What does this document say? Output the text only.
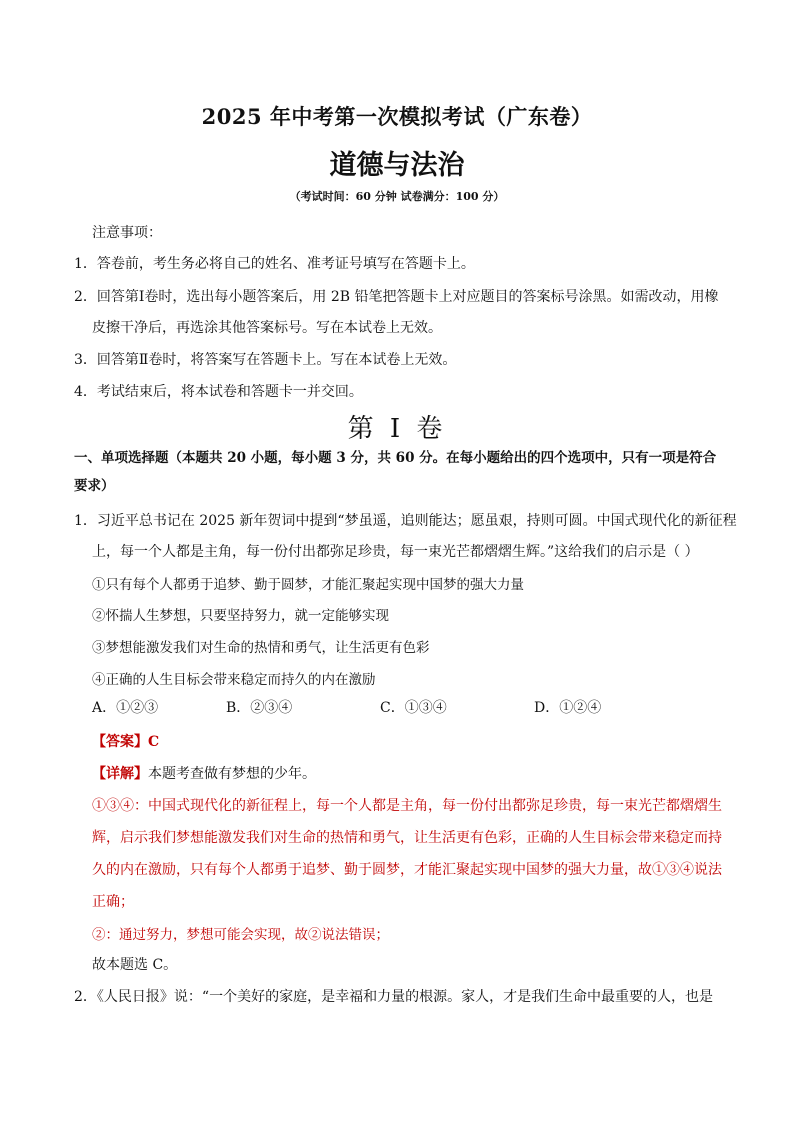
2025 年中考第一次模拟考试（广东卷）
道德与法治
（考试时间：60 分钟 试卷满分：100 分）
注意事项：
1．答卷前，考生务必将自己的姓名、准考证号填写在答题卡上。
2．回答第Ⅰ卷时，选出每小题答案后，用 2B 铅笔把答题卡上对应题目的答案标号涂黑。如需改动，用橡
皮擦干净后，再选涂其他答案标号。写在本试卷上无效。
3．回答第Ⅱ卷时，将答案写在答题卡上。写在本试卷上无效。
4．考试结束后，将本试卷和答题卡一并交回。
第 I 卷
一、单项选择题（本题共 20 小题，每小题 3 分，共 60 分。在每小题给出的四个选项中，只有一项是符合
要求）
1．习近平总书记在 2025 新年贺词中提到“梦虽遥，追则能达；愿虽艰，持则可圆。中国式现代化的新征程
上，每一个人都是主角，每一份付出都弥足珍贵，每一束光芒都熠熠生辉。”这给我们的启示是（ ）
①只有每个人都勇于追梦、勤于圆梦，才能汇聚起实现中国梦的强大力量
②怀揣人生梦想，只要坚持努力，就一定能够实现
③梦想能激发我们对生命的热情和勇气，让生活更有色彩
④正确的人生目标会带来稳定而持久的内在激励
A．①②③	B．②③④	C．①③④	D．①②④
【答案】C
【详解】本题考查做有梦想的少年。
①③④：中国式现代化的新征程上，每一个人都是主角，每一份付出都弥足珍贵，每一束光芒都熠熠生
辉，启示我们梦想能激发我们对生命的热情和勇气，让生活更有色彩，正确的人生目标会带来稳定而持
久的内在激励，只有每个人都勇于追梦、勤于圆梦，才能汇聚起实现中国梦的强大力量，故①③④说法
正确；
②：通过努力，梦想可能会实现，故②说法错误；
故本题选 C。
2．《人民日报》说：“一个美好的家庭，是幸福和力量的根源。家人，才是我们生命中最重要的人，也是
